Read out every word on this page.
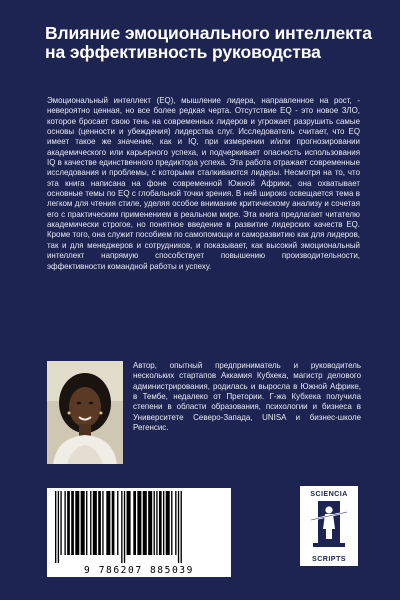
Влияние эмоционального интеллекта на эффективность руководства

Эмоциональный интеллект (EQ), мышление лидера, направленное на рост, - невероятно ценная, но все более редкая черта. Отсутствие EQ - это новое ЗЛО, которое бросает свою тень на современных лидеров и угрожает разрушить самые основы (ценности и убеждения) лидерства слуг. Исследователь считает, что EQ имеет такое же значение, как и IQ, при измерении и/или прогнозировании академического или карьерного успеха, и подчеркивает опасность использования IQ в качестве единственного предиктора успеха. Эта работа отражает современные исследования и проблемы, с которыми сталкиваются лидеры. Несмотря на то, что эта книга написана на фоне современной Южной Африки, она охватывает основные темы по EQ с глобальной точки зрения. В ней широко освещается тема в легком для чтения стиле, уделяя особое внимание критическому анализу и сочетая его с практическим применением в реальном мире. Эта книга предлагает читателю академически строгое, но понятное введение в развитие лидерских качеств EQ. Кроме того, она служит пособием по самопомощи и саморазвитию как для лидеров, так и для менеджеров и сотрудников, и показывает, как высокий эмоциональный интеллект напрямую способствует повышению производительности, эффективности командной работы и успеху.

Автор, опытный предприниматель и руководитель нескольких стартапов Аккамия Кубхека, магистр делового администрирования, родилась и выросла в Южной Африке, в Тембе, недалеко от Претории. Г-жа Кубхека получила степени в области образования, психологии и бизнеса в Университете Северо-Запада, UNISA и бизнес-школе Регенсис.

9 786207 885039
SCIENCIA
SCRIPTS
